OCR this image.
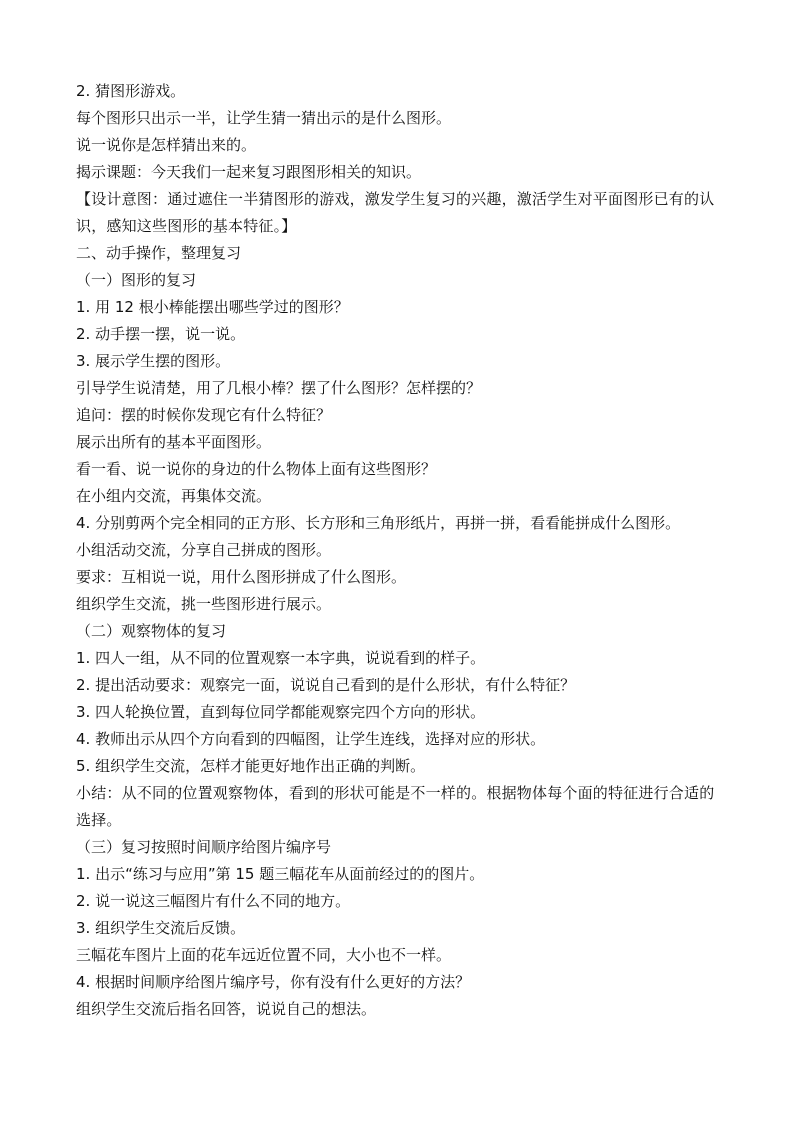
2. 猜图形游戏。
每个图形只出示一半，让学生猜一猜出示的是什么图形。
说一说你是怎样猜出来的。
揭示课题：今天我们一起来复习跟图形相关的知识。
【设计意图：通过遮住一半猜图形的游戏，激发学生复习的兴趣，激活学生对平面图形已有的认识，感知这些图形的基本特征。】
二、动手操作，整理复习
（一）图形的复习
1. 用 12 根小棒能摆出哪些学过的图形？
2. 动手摆一摆，说一说。
3. 展示学生摆的图形。
引导学生说清楚，用了几根小棒？摆了什么图形？怎样摆的？
追问：摆的时候你发现它有什么特征？
展示出所有的基本平面图形。
看一看、说一说你的身边的什么物体上面有这些图形？
在小组内交流，再集体交流。
4. 分别剪两个完全相同的正方形、长方形和三角形纸片，再拼一拼，看看能拼成什么图形。
小组活动交流，分享自己拼成的图形。
要求：互相说一说，用什么图形拼成了什么图形。
组织学生交流，挑一些图形进行展示。
（二）观察物体的复习
1. 四人一组，从不同的位置观察一本字典，说说看到的样子。
2. 提出活动要求：观察完一面，说说自己看到的是什么形状，有什么特征？
3. 四人轮换位置，直到每位同学都能观察完四个方向的形状。
4. 教师出示从四个方向看到的四幅图，让学生连线，选择对应的形状。
5. 组织学生交流，怎样才能更好地作出正确的判断。
小结：从不同的位置观察物体，看到的形状可能是不一样的。根据物体每个面的特征进行合适的选择。
（三）复习按照时间顺序给图片编序号
1. 出示“练习与应用”第 15 题三幅花车从面前经过的的图片。
2. 说一说这三幅图片有什么不同的地方。
3. 组织学生交流后反馈。
三幅花车图片上面的花车远近位置不同，大小也不一样。
4. 根据时间顺序给图片编序号，你有没有什么更好的方法？
组织学生交流后指名回答，说说自己的想法。
